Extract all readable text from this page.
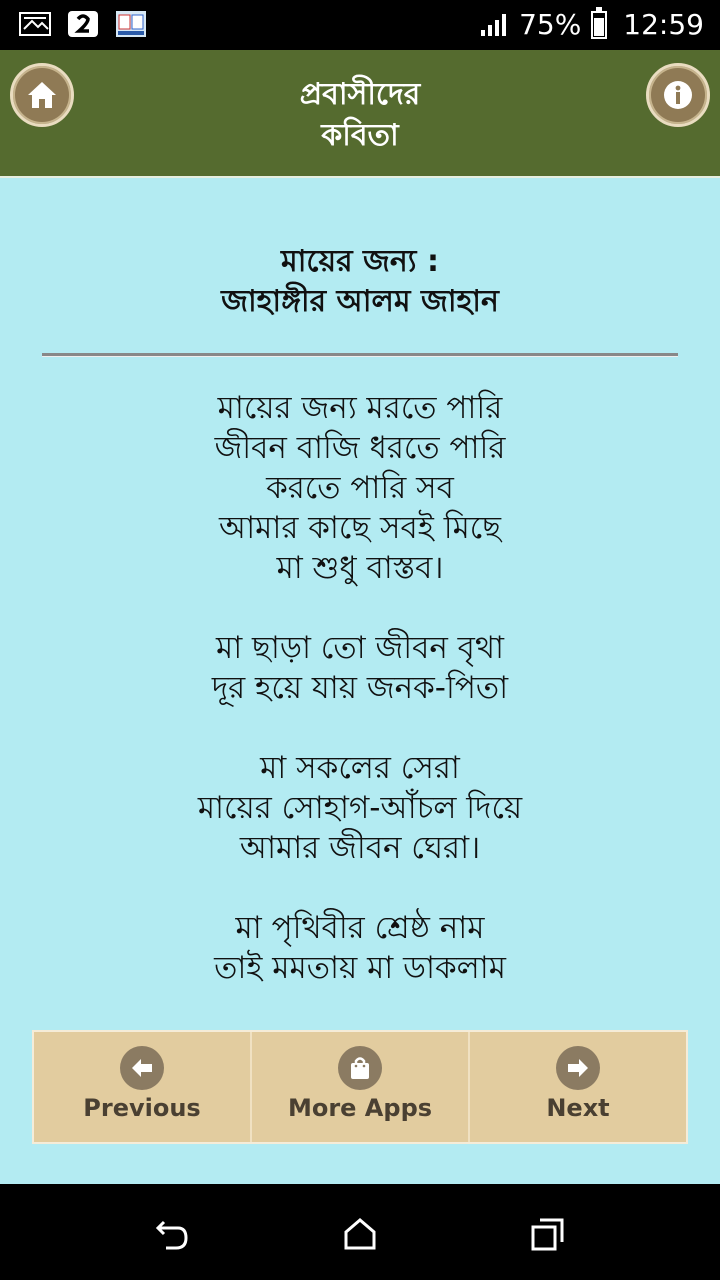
75% 12:59
প্রবাসীদের
কবিতা
মায়ের জন্য :
জাহাঙ্গীর আলম জাহান
মায়ের জন্য মরতে পারি
জীবন বাজি ধরতে পারি
করতে পারি সব
আমার কাছে সবই মিছে
মা শুধু বাস্তব।
মা ছাড়া তো জীবন বৃথা
দূর হয়ে যায় জনক-পিতা
মা সকলের সেরা
মায়ের সোহাগ-আঁচল দিয়ে
আমার জীবন ঘেরা।
মা পৃথিবীর শ্রেষ্ঠ নাম
তাই মমতায় মা ডাকলাম
Previous	More Apps	Next
